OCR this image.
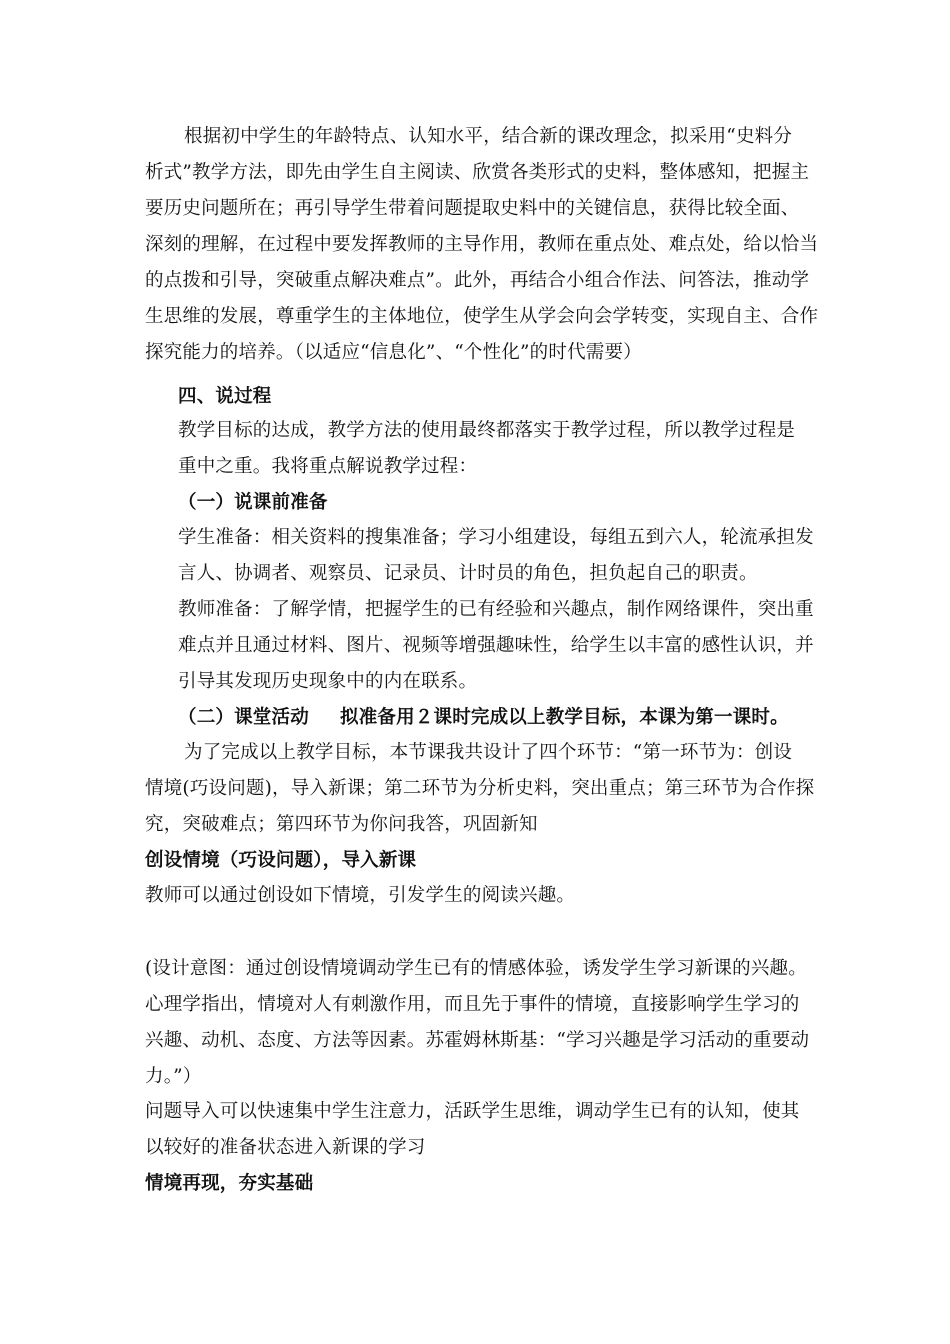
根据初中学生的年龄特点、认知水平，结合新的课改理念，拟采用“史料分
析式”教学方法，即先由学生自主阅读、欣赏各类形式的史料，整体感知，把握主
要历史问题所在；再引导学生带着问题提取史料中的关键信息，获得比较全面、
深刻的理解，在过程中要发挥教师的主导作用，教师在重点处、难点处，给以恰当
的点拨和引导，突破重点解决难点”。此外，再结合小组合作法、问答法，推动学
生思维的发展，尊重学生的主体地位，使学生从学会向会学转变，实现自主、合作
探究能力的培养。（以适应“信息化”、“个性化”的时代需要）
四、说过程
教学目标的达成，教学方法的使用最终都落实于教学过程，所以教学过程是
重中之重。我将重点解说教学过程：
（一）说课前准备
学生准备：相关资料的搜集准备；学习小组建设，每组五到六人，轮流承担发
言人、协调者、观察员、记录员、计时员的角色，担负起自己的职责。
教师准备：了解学情，把握学生的已有经验和兴趣点，制作网络课件，突出重
难点并且通过材料、图片、视频等增强趣味性，给学生以丰富的感性认识，并
引导其发现历史现象中的内在联系。
（二）课堂活动 拟准备用２课时完成以上教学目标，本课为第一课时。
为了完成以上教学目标，本节课我共设计了四个环节：“第一环节为：创设
情境(巧设问题)，导入新课；第二环节为分析史料，突出重点；第三环节为合作探
究，突破难点；第四环节为你问我答，巩固新知
创设情境（巧设问题），导入新课
教师可以通过创设如下情境，引发学生的阅读兴趣。
(设计意图：通过创设情境调动学生已有的情感体验，诱发学生学习新课的兴趣。
心理学指出，情境对人有刺激作用，而且先于事件的情境，直接影响学生学习的
兴趣、动机、态度、方法等因素。苏霍姆林斯基：“学习兴趣是学习活动的重要动
力。”）
问题导入可以快速集中学生注意力，活跃学生思维，调动学生已有的认知，使其
以较好的准备状态进入新课的学习
情境再现，夯实基础
